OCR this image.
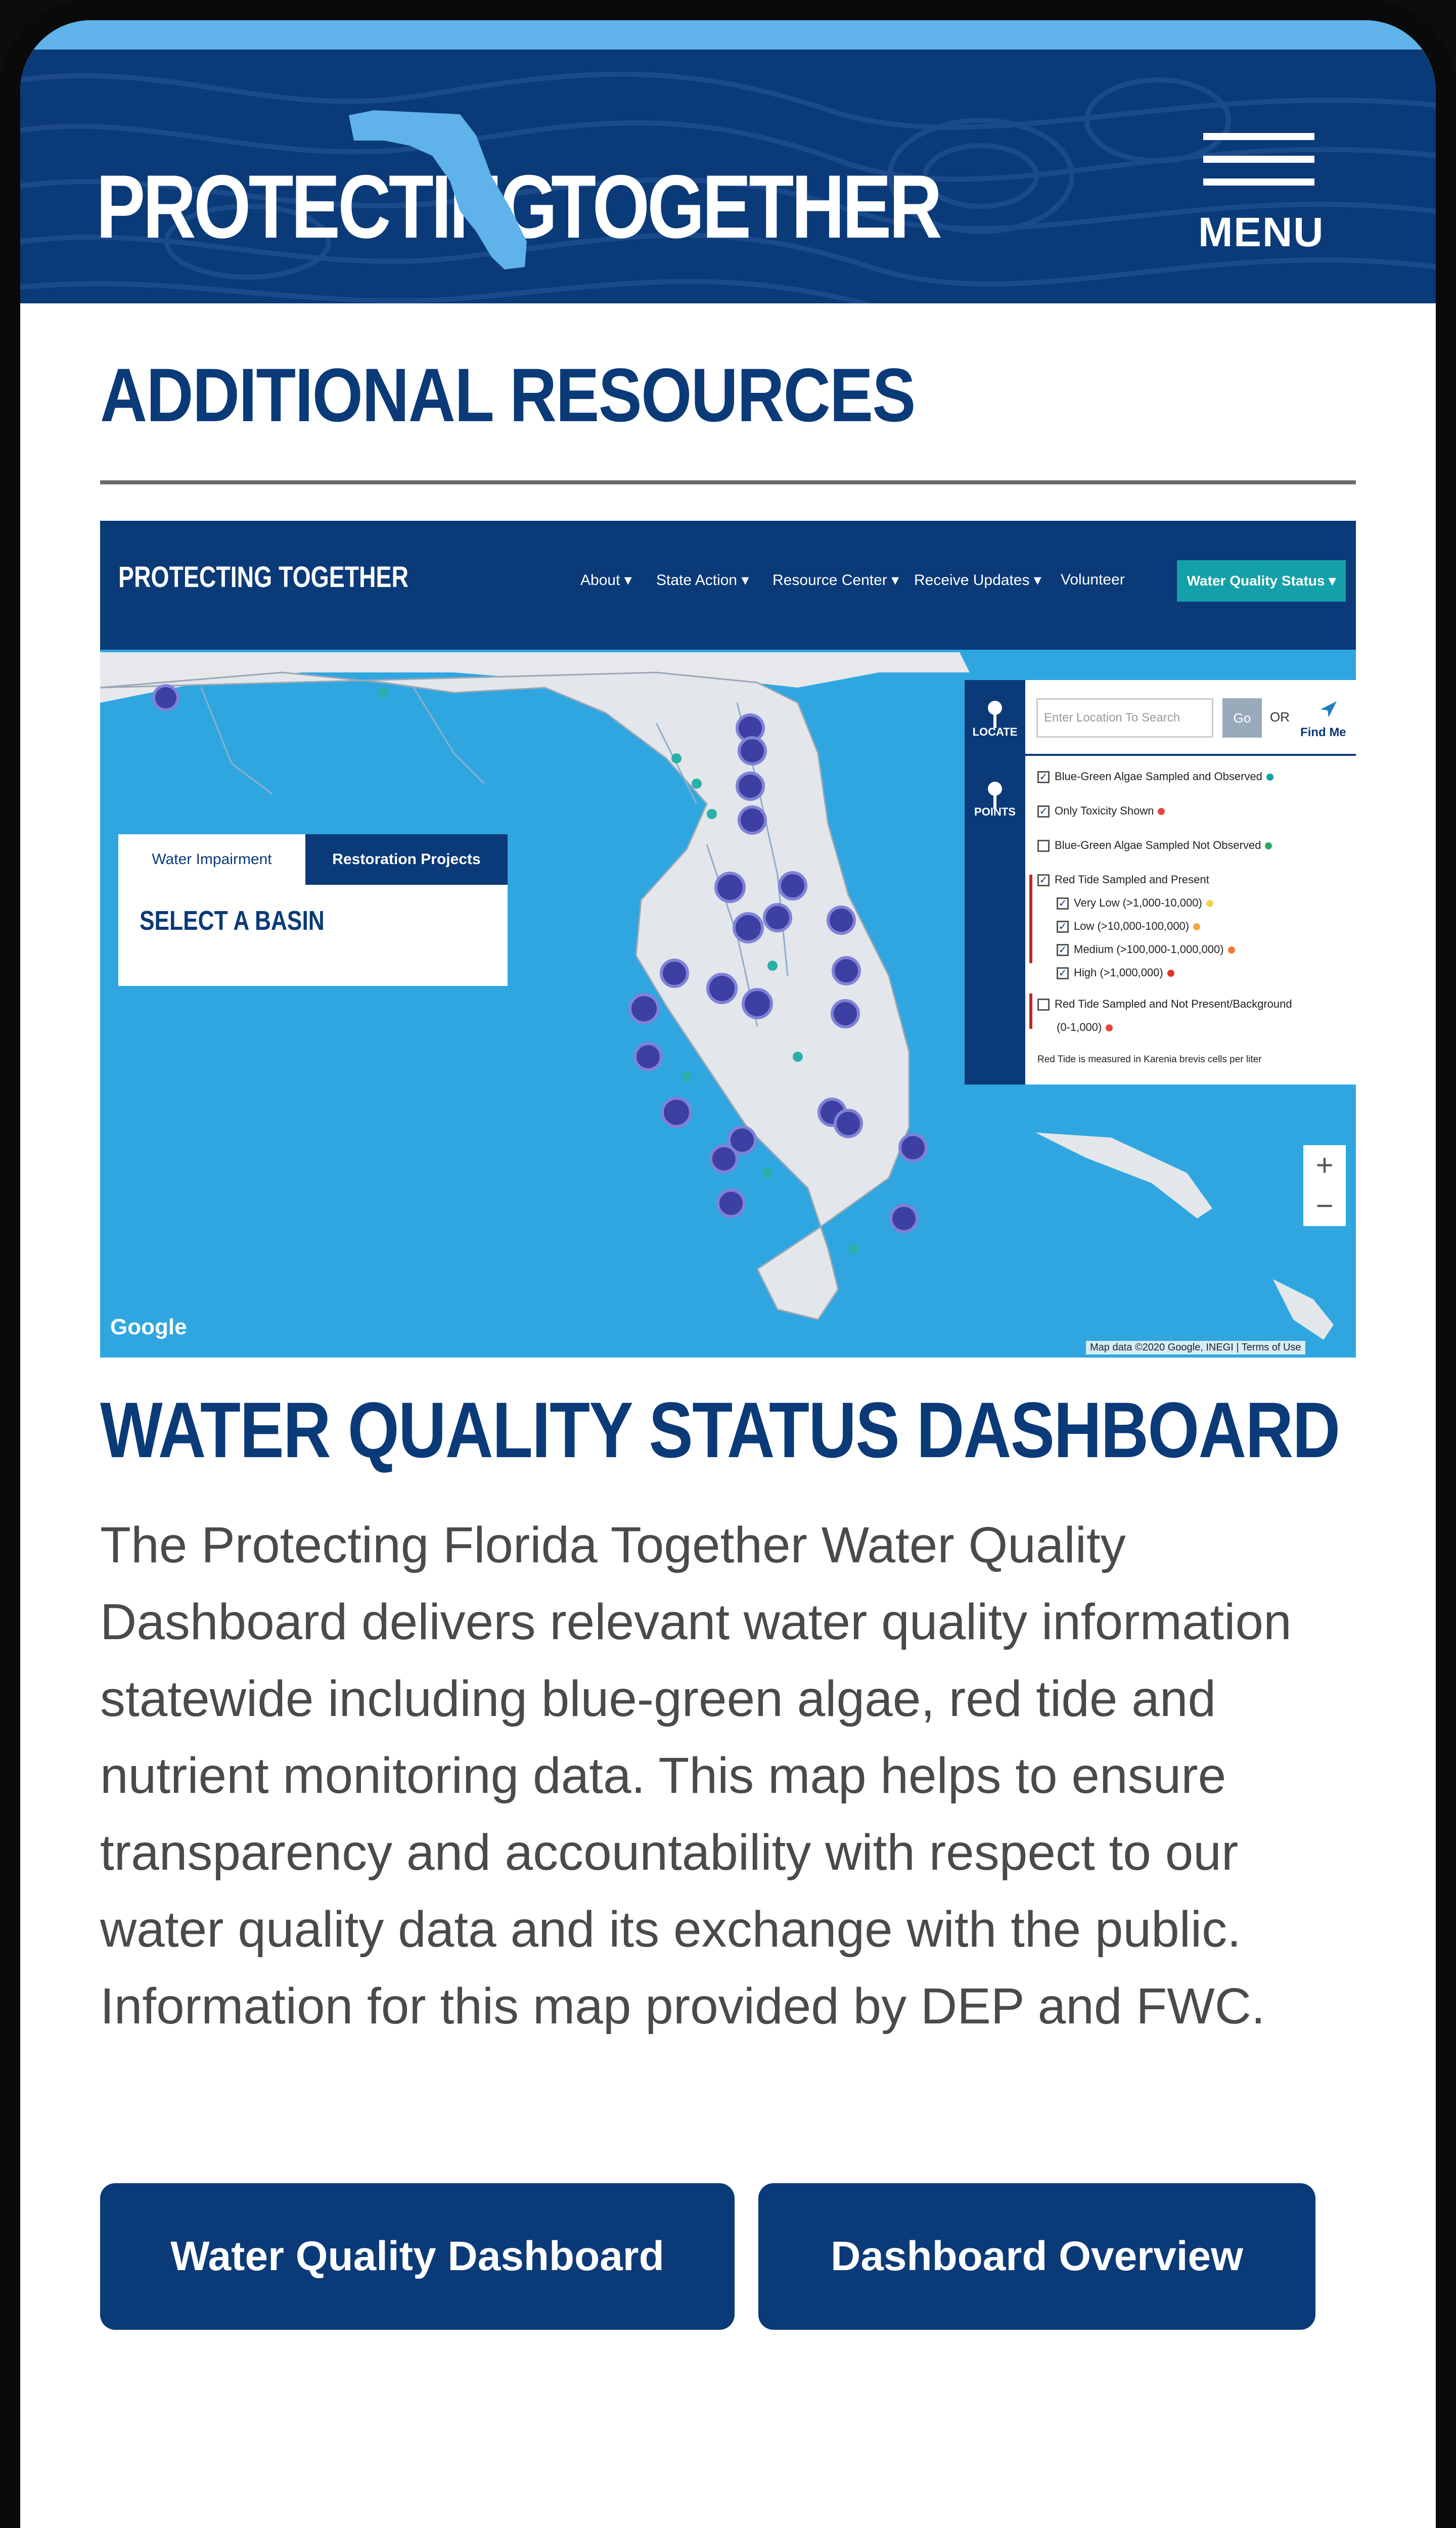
PROTECTING
TOGETHER	MENU
ADDITIONAL RESOURCES
PROTECTING TOGETHER	About ▾ State Action ▾ Resource Center ▾ Receive Updates ▾ Volunteer	Water Quality Status ▾
Water Impairment	Restoration Projects
SELECT A BASIN
LOCATE
POINTS
Enter Location To Search	Go	OR
Find Me
✓ Blue-Green Algae Sampled and Observed
✓ Only Toxicity Shown
Blue-Green Algae Sampled Not Observed
✓ Red Tide Sampled and Present
✓ Very Low (>1,000-10,000)
✓ Low (>10,000-100,000)
✓ Medium (>100,000-1,000,000)
✓ High (>1,000,000)
Red Tide Sampled and Not Present/Background
(0-1,000)
Red Tide is measured in Karenia brevis cells per liter
+
−
Google
Map data ©2020 Google, INEGI | Terms of Use
WATER QUALITY STATUS DASHBOARD

The Protecting Florida Together Water Quality Dashboard delivers relevant water quality information statewide including blue-green algae, red tide and nutrient monitoring data. This map helps to ensure transparency and accountability with respect to our water quality data and its exchange with the public. Information for this map provided by DEP and FWC.

Water Quality Dashboard	Dashboard Overview
